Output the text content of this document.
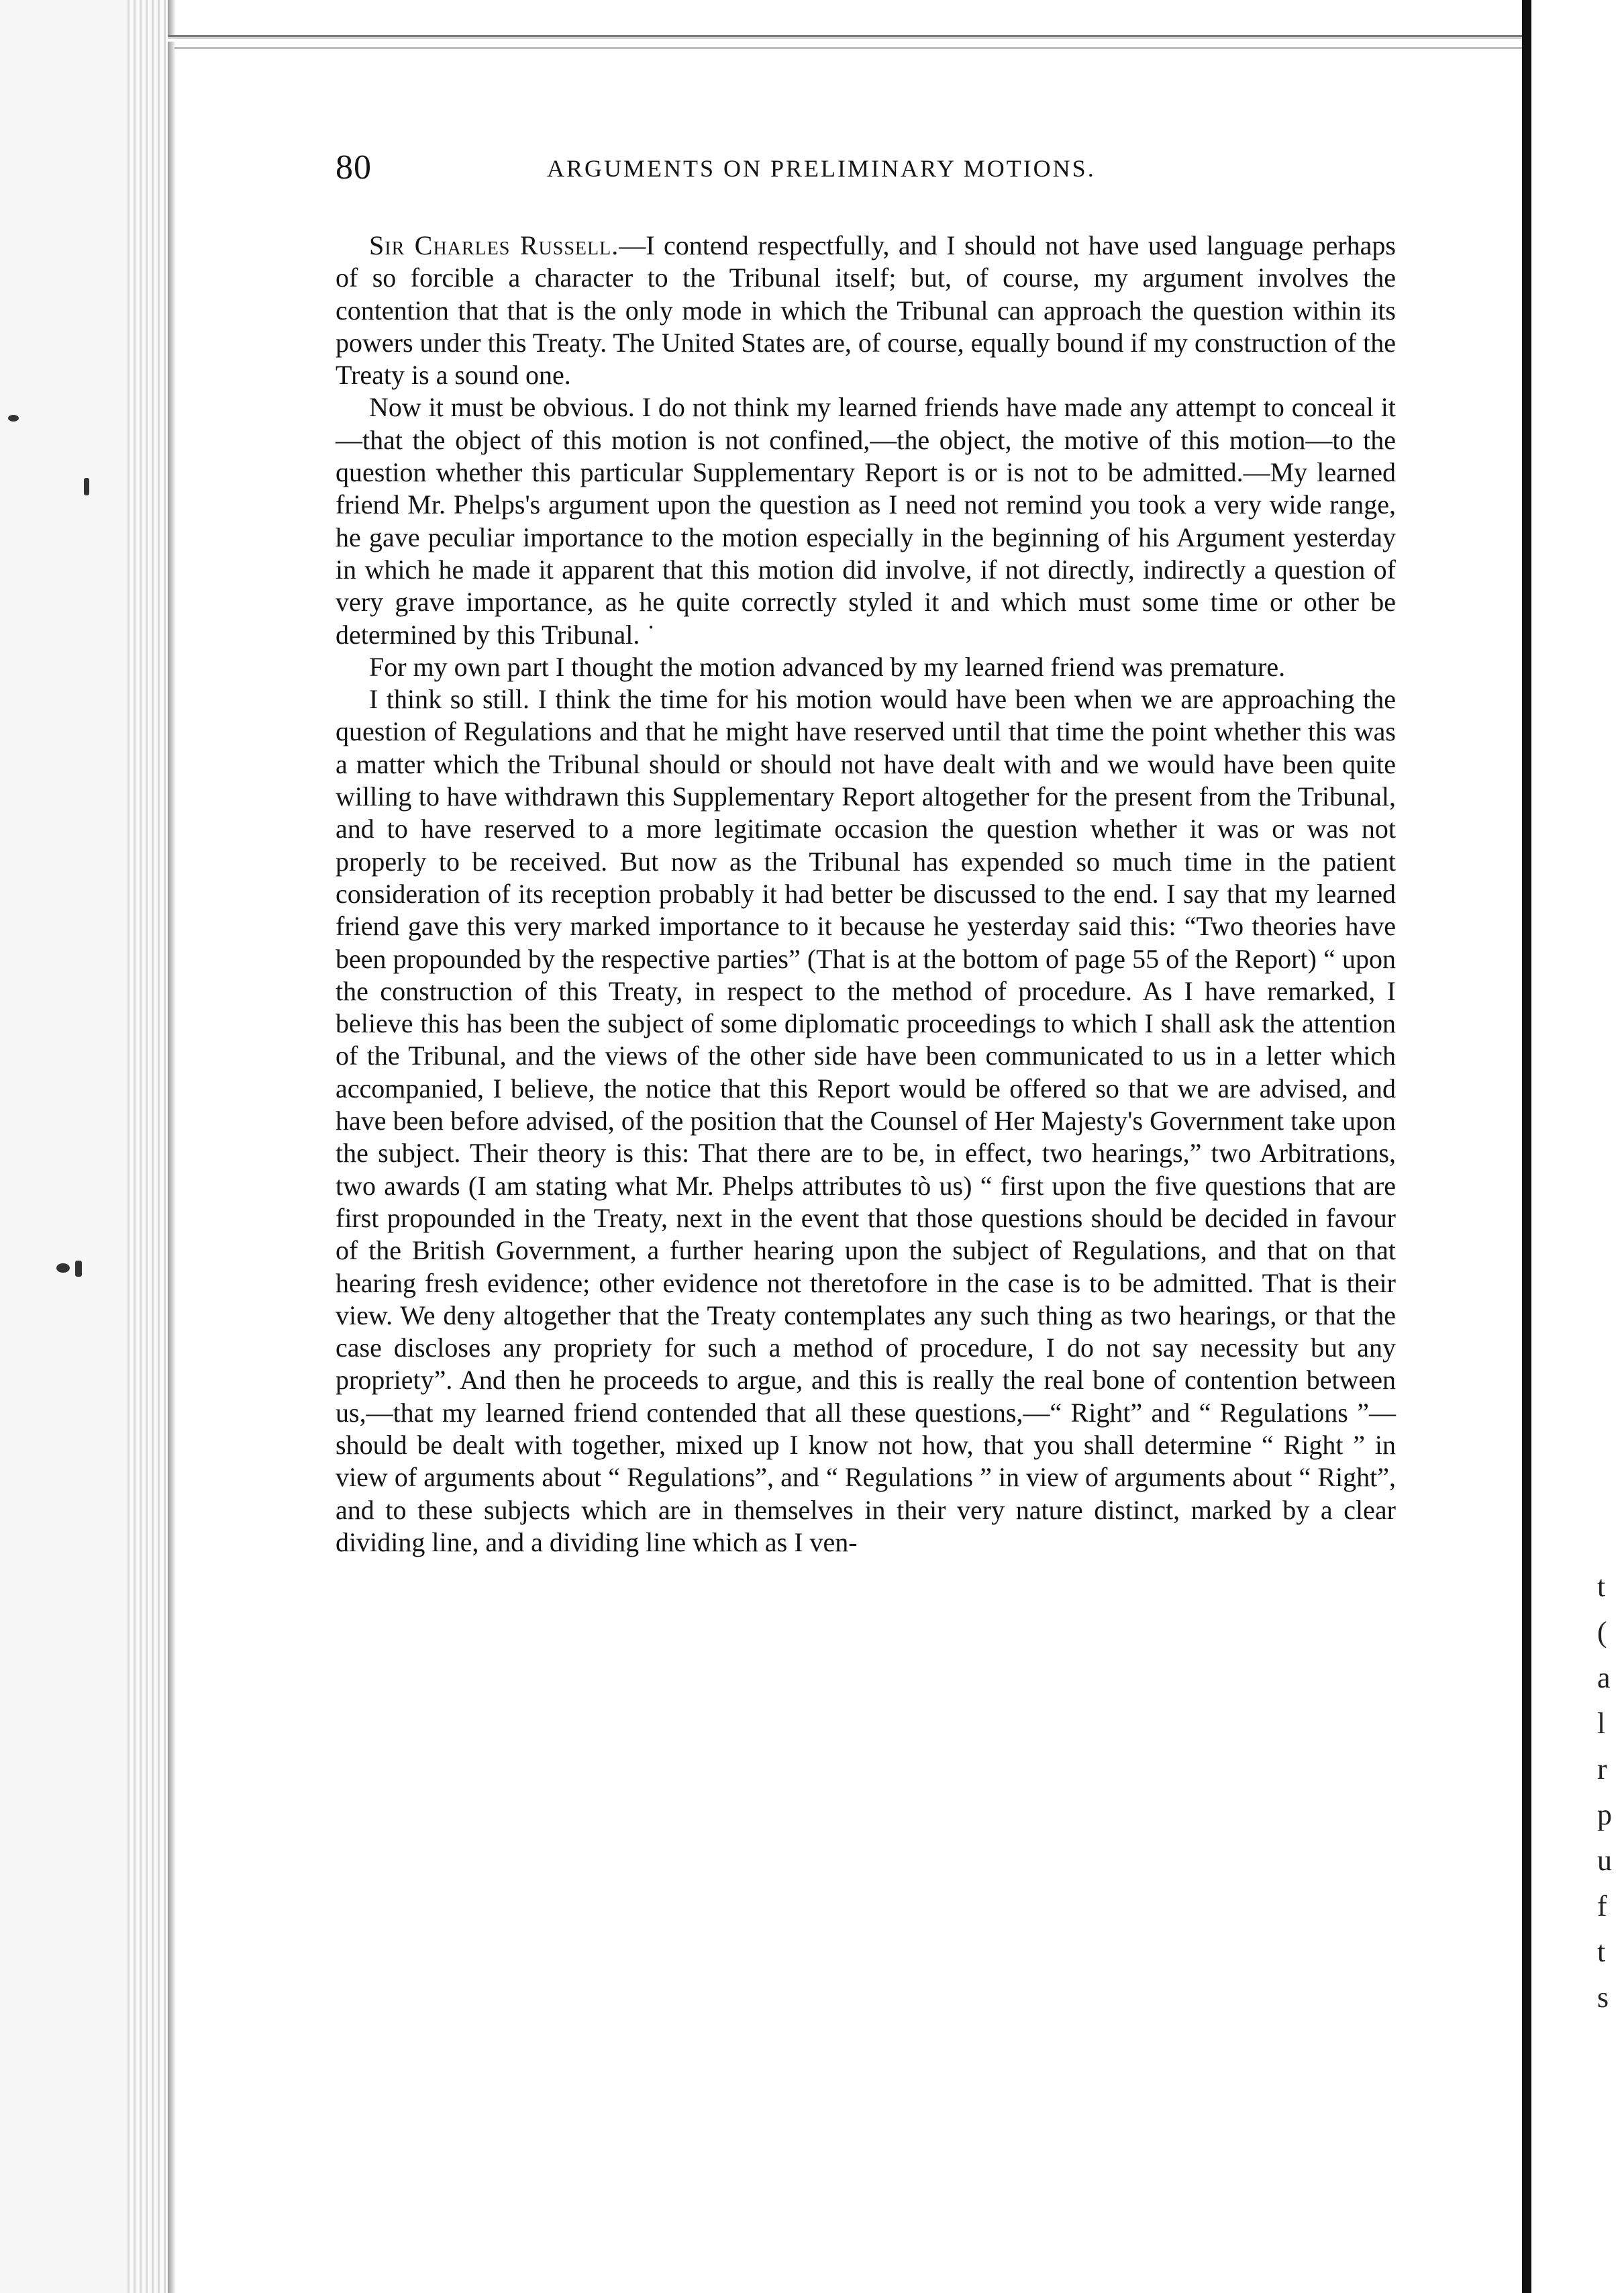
t
(
a
l
r
p
u
f
t
s
80	ARGUMENTS ON PRELIMINARY MOTIONS.

Sir Charles Russell.—I contend respectfully, and I should not have used language perhaps of so forcible a character to the Tribunal itself; but, of course, my argument involves the contention that that is the only mode in which the Tribunal can approach the question within its powers under this Treaty. The United States are, of course, equally bound if my construction of the Treaty is a sound one.

Now it must be obvious. I do not think my learned friends have made any attempt to conceal it—that the object of this motion is not confined,—the object, the motive of this motion—to the question whether this particular Supplementary Report is or is not to be admitted.—My learned friend Mr. Phelps's argument upon the question as I need not remind you took a very wide range, he gave peculiar importance to the motion especially in the beginning of his Argument yesterday in which he made it apparent that this motion did involve, if not directly, indirectly a question of very grave importance, as he quite correctly styled it and which must some time or other be determined by this Tribunal. ˙

For my own part I thought the motion advanced by my learned friend was premature.

I think so still. I think the time for his motion would have been when we are approaching the question of Regulations and that he might have reserved until that time the point whether this was a matter which the Tribunal should or should not have dealt with and we would have been quite willing to have withdrawn this Supplementary Report altogether for the present from the Tribunal, and to have reserved to a more legitimate occasion the question whether it was or was not properly to be received. But now as the Tribunal has expended so much time in the patient consideration of its reception probably it had better be discussed to the end. I say that my learned friend gave this very marked importance to it because he yesterday said this: “Two theories have been propounded by the respective parties” (That is at the bottom of page 55 of the Report) “ upon the construction of this Treaty, in respect to the method of procedure. As I have remarked, I believe this has been the subject of some diplomatic proceedings to which I shall ask the attention of the Tribunal, and the views of the other side have been communicated to us in a letter which accompanied, I believe, the notice that this Report would be offered so that we are advised, and have been before advised, of the position that the Counsel of Her Majesty's Government take upon the subject. Their theory is this: That there are to be, in effect, two hearings,” two Arbitrations, two awards (I am stating what Mr. Phelps attributes tò us) “ first upon the five questions that are first propounded in the Treaty, next in the event that those questions should be decided in favour of the British Government, a further hearing upon the subject of Regulations, and that on that hearing fresh evidence; other evidence not theretofore in the case is to be admitted. That is their view. We deny altogether that the Treaty contemplates any such thing as two hearings, or that the case discloses any propriety for such a method of procedure, I do not say necessity but any propriety”. And then he proceeds to argue, and this is really the real bone of contention between us,—that my learned friend contended that all these questions,—“ Right” and “ Regulations ”—should be dealt with together, mixed up I know not how, that you shall determine “ Right ” in view of arguments about “ Regulations”, and “ Regulations ” in view of arguments about “ Right”, and to these subjects which are in themselves in their very nature distinct, marked by a clear dividing line, and a dividing line which as I ven-
